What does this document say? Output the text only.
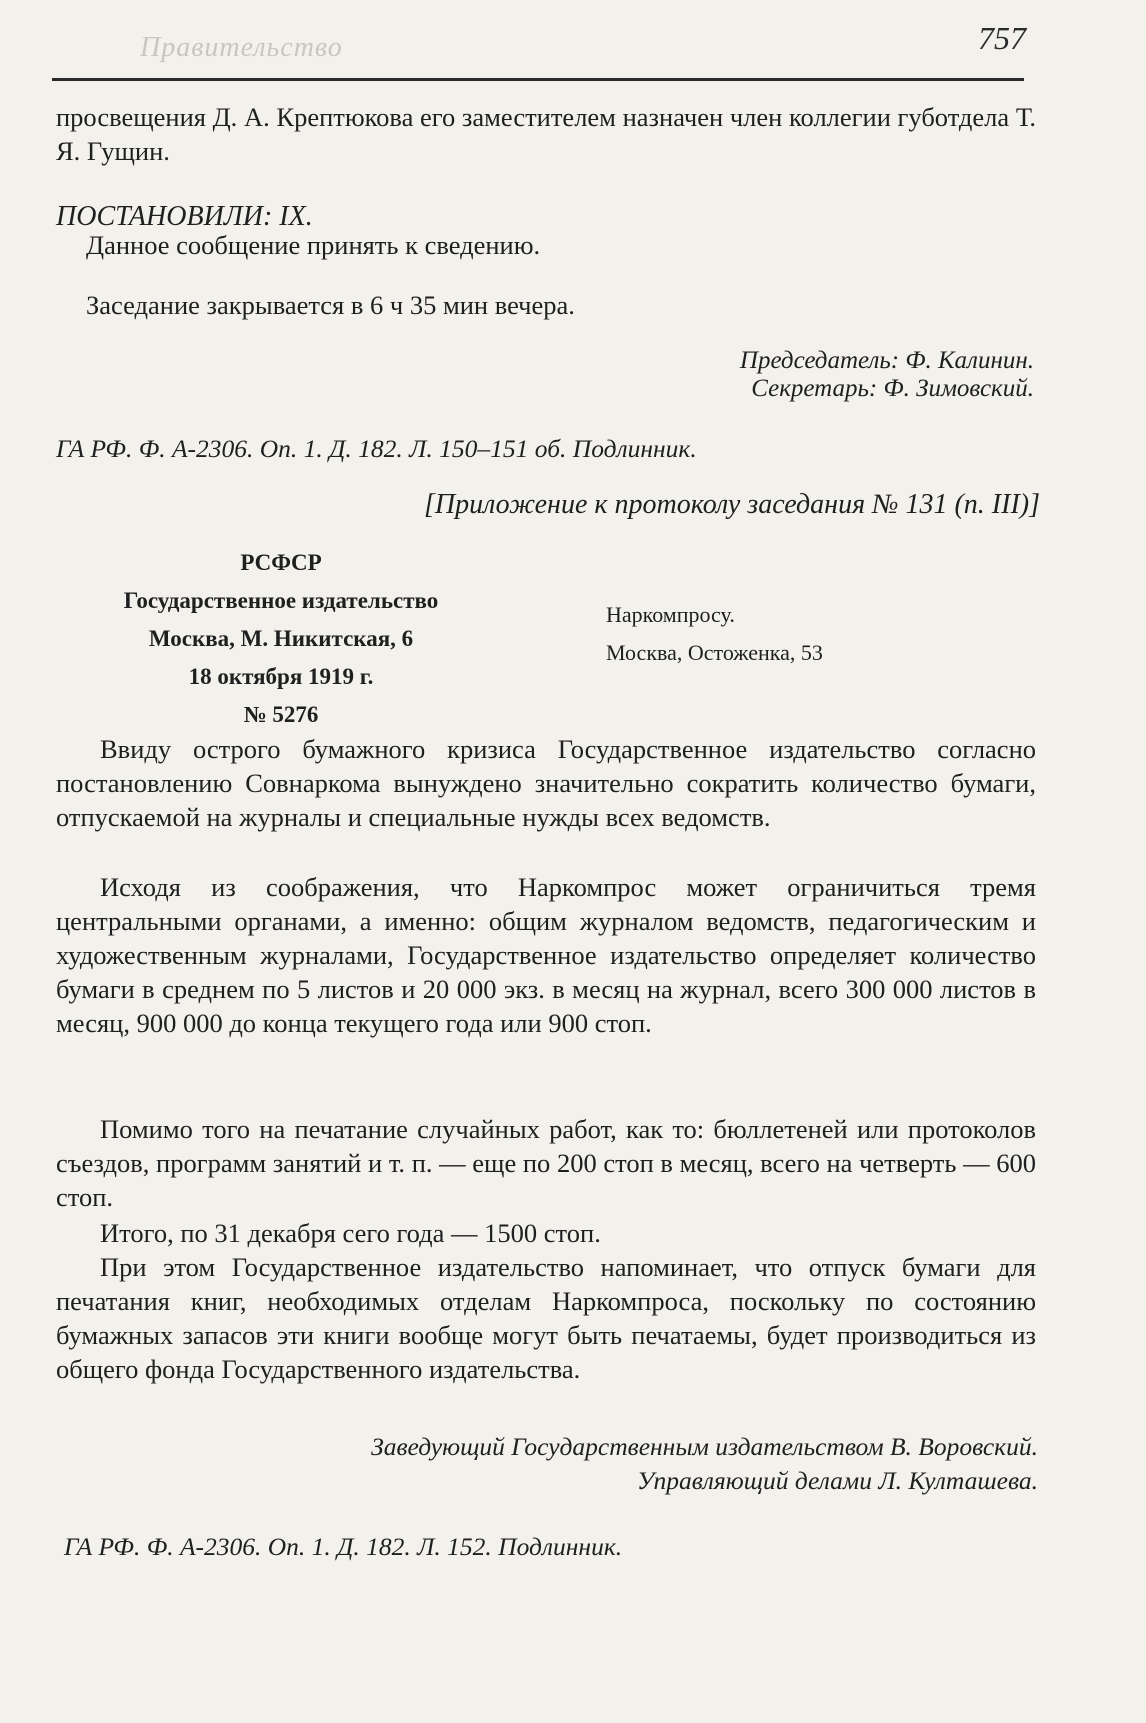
Правительство	757
просвещения Д. А. Крептюкова его заместителем назначен член коллегии губотдела Т. Я. Гущин.
ПОСТАНОВИЛИ: IX.
Данное сообщение принять к сведению.
Заседание закрывается в 6 ч 35 мин вечера.
Председатель: Ф. Калинин.
Секретарь: Ф. Зимовский.
ГА РФ. Ф. А-2306. Оп. 1. Д. 182. Л. 150–151 об. Подлинник.
[Приложение к протоколу заседания № 131 (п. III)]
РСФСР
Государственное издательство
Москва, М. Никитская, 6
18 октября 1919 г.
№ 5276
Наркомпросу.
Москва, Остоженка, 53
Ввиду острого бумажного кризиса Государственное издательство согласно постановлению Совнаркома вынуждено значительно сократить количество бумаги, отпускаемой на журналы и специальные нужды всех ведомств.
Исходя из соображения, что Наркомпрос может ограничиться тремя центральными органами, а именно: общим журналом ведомств, педагогическим и художественным журналами, Государственное издательство определяет количество бумаги в среднем по 5 листов и 20 000 экз. в месяц на журнал, всего 300 000 листов в месяц, 900 000 до конца текущего года или 900 стоп.
Помимо того на печатание случайных работ, как то: бюллетеней или протоколов съездов, программ занятий и т. п. — еще по 200 стоп в месяц, всего на четверть — 600 стоп.
Итого, по 31 декабря сего года — 1500 стоп.
При этом Государственное издательство напоминает, что отпуск бумаги для печатания книг, необходимых отделам Наркомпроса, поскольку по состоянию бумажных запасов эти книги вообще могут быть печатаемы, будет производиться из общего фонда Государственного издательства.
Заведующий Государственным издательством В. Воровский.
Управляющий делами Л. Култашева.
ГА РФ. Ф. А-2306. Оп. 1. Д. 182. Л. 152. Подлинник.
